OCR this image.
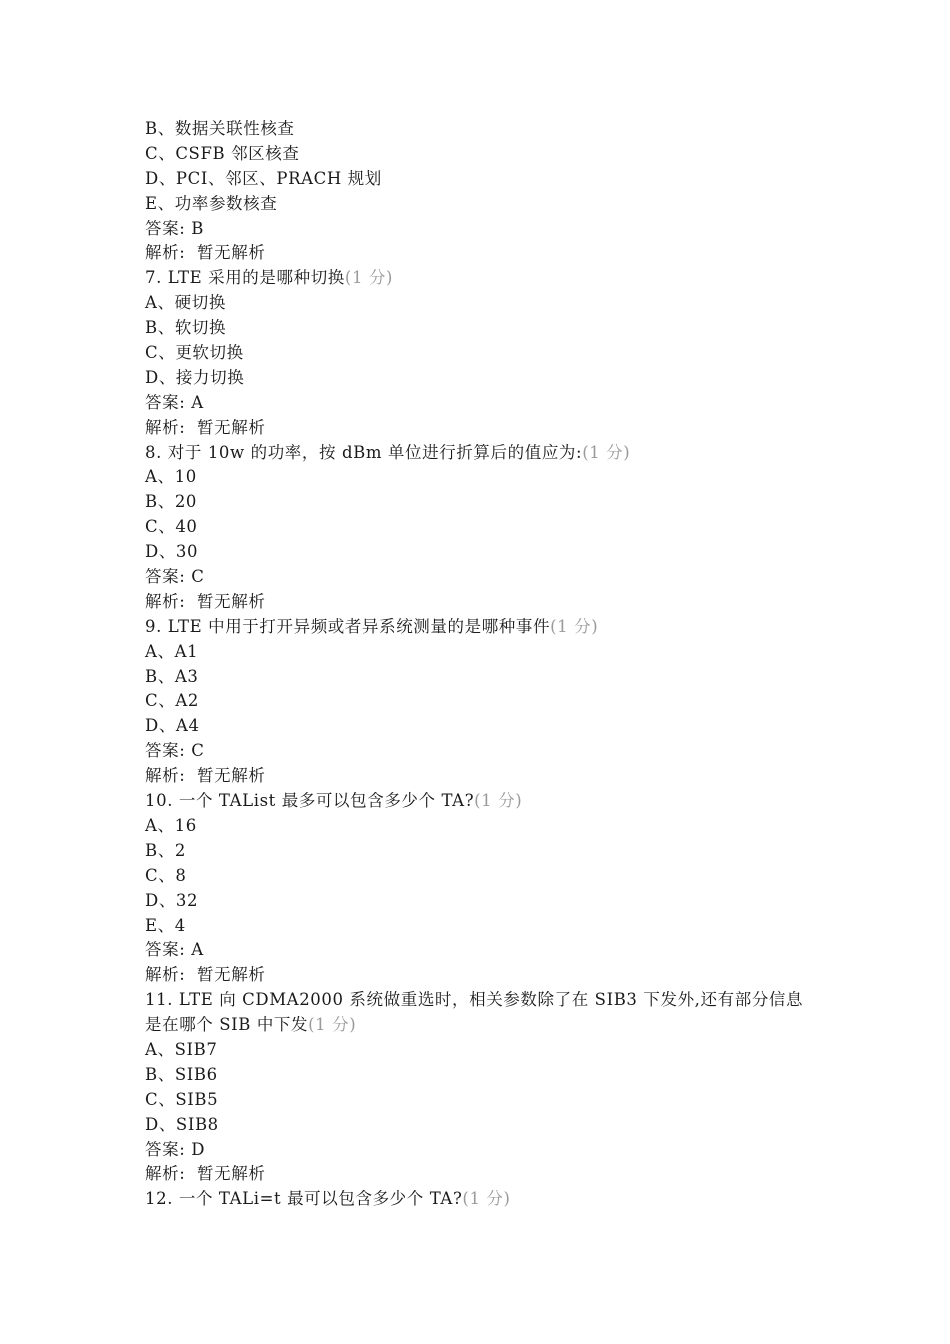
B、数据关联性核查
C、CSFB 邻区核查
D、PCI、邻区、PRACH 规划
E、功率参数核查
答案: B
解析:  暂无解析
7. LTE 采用的是哪种切换(1 分)
A、硬切换
B、软切换
C、更软切换
D、接力切换
答案: A
解析:  暂无解析
8. 对于 10w 的功率，按 dBm 单位进行折算后的值应为:(1 分)
A、10
B、20
C、40
D、30
答案: C
解析:  暂无解析
9. LTE 中用于打开异频或者异系统测量的是哪种事件(1 分)
A、A1
B、A3
C、A2
D、A4
答案: C
解析:  暂无解析
10. 一个 TAList 最多可以包含多少个 TA?(1 分)
A、16
B、2
C、8
D、32
E、4
答案: A
解析:  暂无解析
11. LTE 向 CDMA2000 系统做重选时，相关参数除了在 SIB3 下发外,还有部分信息
是在哪个 SIB 中下发(1 分)
A、SIB7
B、SIB6
C、SIB5
D、SIB8
答案: D
解析:  暂无解析
12. 一个 TALi=t 最可以包含多少个 TA?(1 分)
